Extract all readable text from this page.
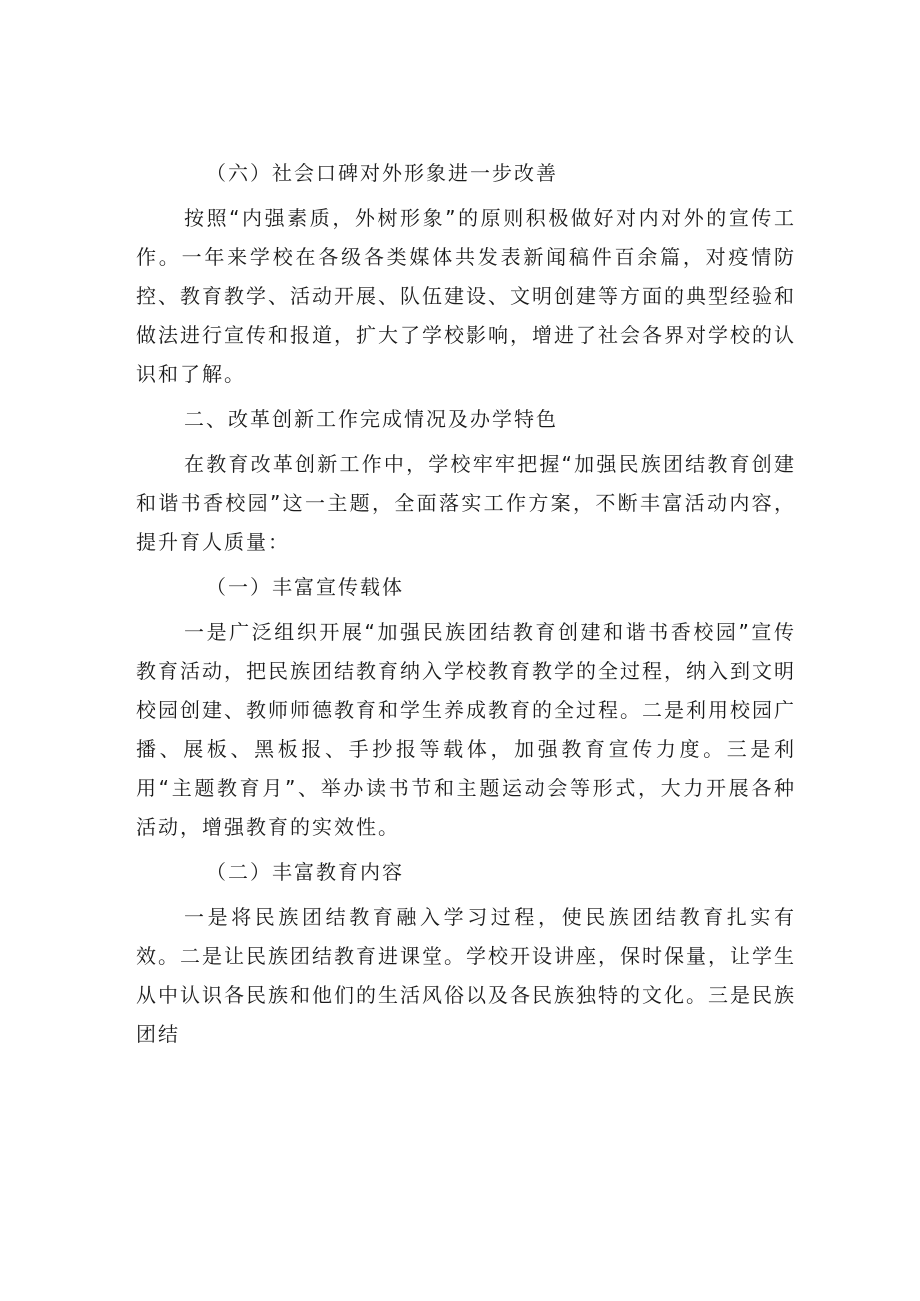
（六）社会口碑对外形象进一步改善

按照“内强素质，外树形象”的原则积极做好对内对外的宣传工作。一年来学校在各级各类媒体共发表新闻稿件百余篇，对疫情防控、教育教学、活动开展、队伍建设、文明创建等方面的典型经验和做法进行宣传和报道，扩大了学校影响，增进了社会各界对学校的认识和了解。

二、改革创新工作完成情况及办学特色

在教育改革创新工作中，学校牢牢把握“加强民族团结教育创建和谐书香校园”这一主题，全面落实工作方案，不断丰富活动内容，提升育人质量：

（一）丰富宣传载体

一是广泛组织开展“加强民族团结教育创建和谐书香校园”宣传教育活动，把民族团结教育纳入学校教育教学的全过程，纳入到文明校园创建、教师师德教育和学生养成教育的全过程。二是利用校园广播、展板、黑板报、手抄报等载体，加强教育宣传力度。三是利用“主题教育月”、举办读书节和主题运动会等形式，大力开展各种活动，增强教育的实效性。

（二）丰富教育内容

一是将民族团结教育融入学习过程，使民族团结教育扎实有效。二是让民族团结教育进课堂。学校开设讲座，保时保量，让学生从中认识各民族和他们的生活风俗以及各民族独特的文化。三是民族团结
